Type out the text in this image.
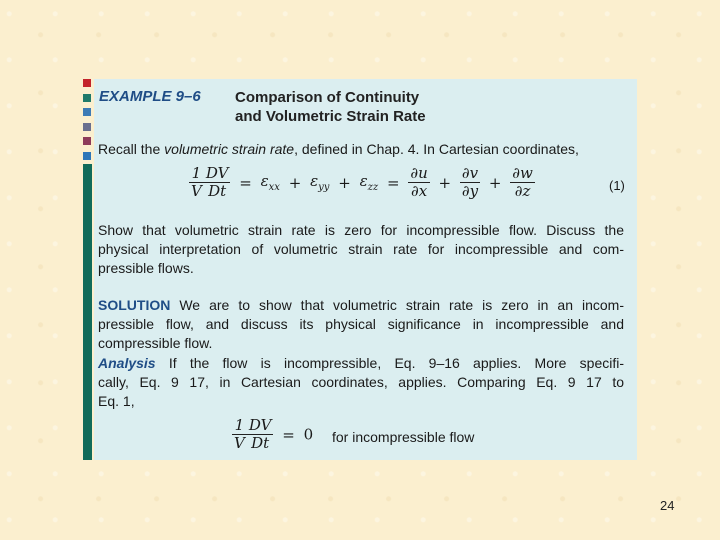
EXAMPLE 9–6 Comparison of Continuity
and Volumetric Strain Rate
Recall the volumetric strain rate, defined in Chap. 4. In Cartesian coordinates,
$\frac{1}{V} \frac{DV}{Dt} = \varepsilon_{xx} + \varepsilon_{yy} + \varepsilon_{zz} = \frac{\partial u}{\partial x} + \frac{\partial v}{\partial y} + \frac{\partial w}{\partial z}$	(1)
Show that volumetric strain rate is zero for incompressible flow. Discuss the
physical interpretation of volumetric strain rate for incompressible and com-
pressible flows.
SOLUTION We are to show that volumetric strain rate is zero in an incom-
pressible flow, and discuss its physical significance in incompressible and
compressible flow.
Analysis If the flow is incompressible, Eq. 9–16 applies. More specifi-
cally, Eq. 9 17, in Cartesian coordinates, applies. Comparing Eq. 9 17 to
Eq. 1,
$\frac{1}{V} \frac{DV}{Dt} = 0$ for incompressible flow
24
